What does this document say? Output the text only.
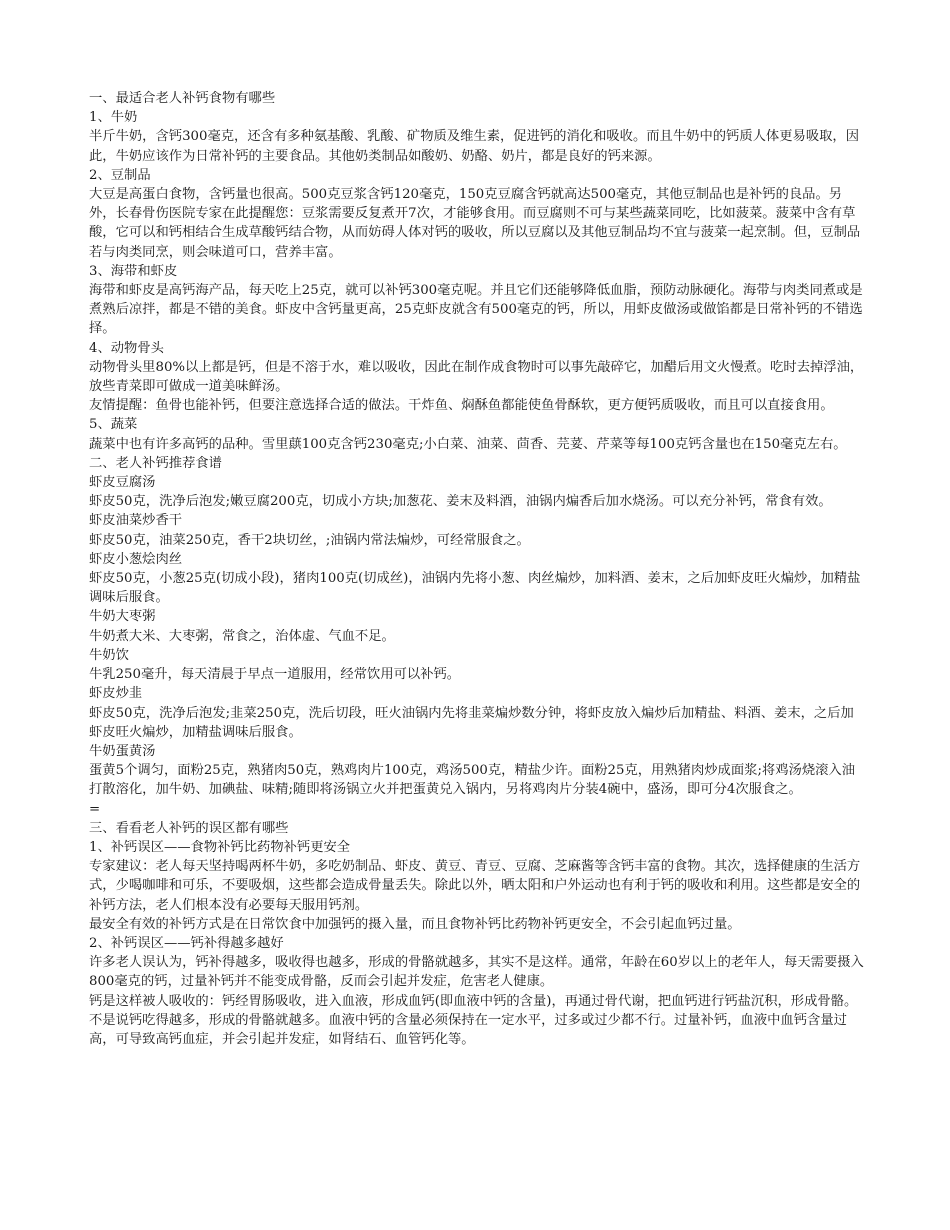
一、最适合老人补钙食物有哪些

1、牛奶

半斤牛奶，含钙300毫克，还含有多种氨基酸、乳酸、矿物质及维生素，促进钙的消化和吸收。而且牛奶中的钙质人体更易吸取，因此，牛奶应该作为日常补钙的主要食品。其他奶类制品如酸奶、奶酪、奶片，都是良好的钙来源。

2、豆制品

大豆是高蛋白食物，含钙量也很高。500克豆浆含钙120毫克，150克豆腐含钙就高达500毫克，其他豆制品也是补钙的良品。另外，长春骨伤医院专家在此提醒您：豆浆需要反复煮开7次，才能够食用。而豆腐则不可与某些蔬菜同吃，比如菠菜。菠菜中含有草酸，它可以和钙相结合生成草酸钙结合物，从而妨碍人体对钙的吸收，所以豆腐以及其他豆制品均不宜与菠菜一起烹制。但，豆制品若与肉类同烹，则会味道可口，营养丰富。

3、海带和虾皮

海带和虾皮是高钙海产品，每天吃上25克，就可以补钙300毫克呢。并且它们还能够降低血脂，预防动脉硬化。海带与肉类同煮或是煮熟后凉拌，都是不错的美食。虾皮中含钙量更高，25克虾皮就含有500毫克的钙，所以，用虾皮做汤或做馅都是日常补钙的不错选择。

4、动物骨头

动物骨头里80%以上都是钙，但是不溶于水，难以吸收，因此在制作成食物时可以事先敲碎它，加醋后用文火慢煮。吃时去掉浮油，放些青菜即可做成一道美味鲜汤。

友情提醒：鱼骨也能补钙，但要注意选择合适的做法。干炸鱼、焖酥鱼都能使鱼骨酥软，更方便钙质吸收，而且可以直接食用。

5、蔬菜

蔬菜中也有许多高钙的品种。雪里蕻100克含钙230毫克;小白菜、油菜、茴香、芫荽、芹菜等每100克钙含量也在150毫克左右。

二、老人补钙推荐食谱

虾皮豆腐汤

虾皮50克，洗净后泡发;嫩豆腐200克，切成小方块;加葱花、姜末及料酒，油锅内煸香后加水烧汤。可以充分补钙，常食有效。

虾皮油菜炒香干

虾皮50克，油菜250克，香干2块切丝，;油锅内常法煸炒，可经常服食之。

虾皮小葱烩肉丝

虾皮50克，小葱25克(切成小段)，猪肉100克(切成丝)，油锅内先将小葱、肉丝煸炒，加料酒、姜末，之后加虾皮旺火煸炒，加精盐调味后服食。

牛奶大枣粥

牛奶煮大米、大枣粥，常食之，治体虚、气血不足。

牛奶饮

牛乳250毫升，每天清晨于早点一道服用，经常饮用可以补钙。

虾皮炒韭

虾皮50克，洗净后泡发;韭菜250克，洗后切段，旺火油锅内先将韭菜煸炒数分钟，将虾皮放入煸炒后加精盐、料酒、姜末，之后加虾皮旺火煸炒，加精盐调味后服食。

牛奶蛋黄汤

蛋黄5个调匀，面粉25克，熟猪肉50克，熟鸡肉片100克，鸡汤500克，精盐少许。面粉25克，用熟猪肉炒成面浆;将鸡汤烧滚入油打散溶化，加牛奶、加碘盐、味精;随即将汤锅立火并把蛋黄兑入锅内，另将鸡肉片分装4碗中，盛汤，即可分4次服食之。

=

三、看看老人补钙的误区都有哪些

1、补钙误区——食物补钙比药物补钙更安全

专家建议：老人每天坚持喝两杯牛奶，多吃奶制品、虾皮、黄豆、青豆、豆腐、芝麻酱等含钙丰富的食物。其次，选择健康的生活方式，少喝咖啡和可乐，不要吸烟，这些都会造成骨量丢失。除此以外，晒太阳和户外运动也有利于钙的吸收和利用。这些都是安全的补钙方法，老人们根本没有必要每天服用钙剂。

最安全有效的补钙方式是在日常饮食中加强钙的摄入量，而且食物补钙比药物补钙更安全，不会引起血钙过量。

2、补钙误区——钙补得越多越好

许多老人误认为，钙补得越多，吸收得也越多，形成的骨骼就越多，其实不是这样。通常，年龄在60岁以上的老年人，每天需要摄入800毫克的钙，过量补钙并不能变成骨骼，反而会引起并发症，危害老人健康。

钙是这样被人吸收的：钙经胃肠吸收，进入血液，形成血钙(即血液中钙的含量)，再通过骨代谢，把血钙进行钙盐沉积，形成骨骼。不是说钙吃得越多，形成的骨骼就越多。血液中钙的含量必须保持在一定水平，过多或过少都不行。过量补钙，血液中血钙含量过高，可导致高钙血症，并会引起并发症，如肾结石、血管钙化等。
